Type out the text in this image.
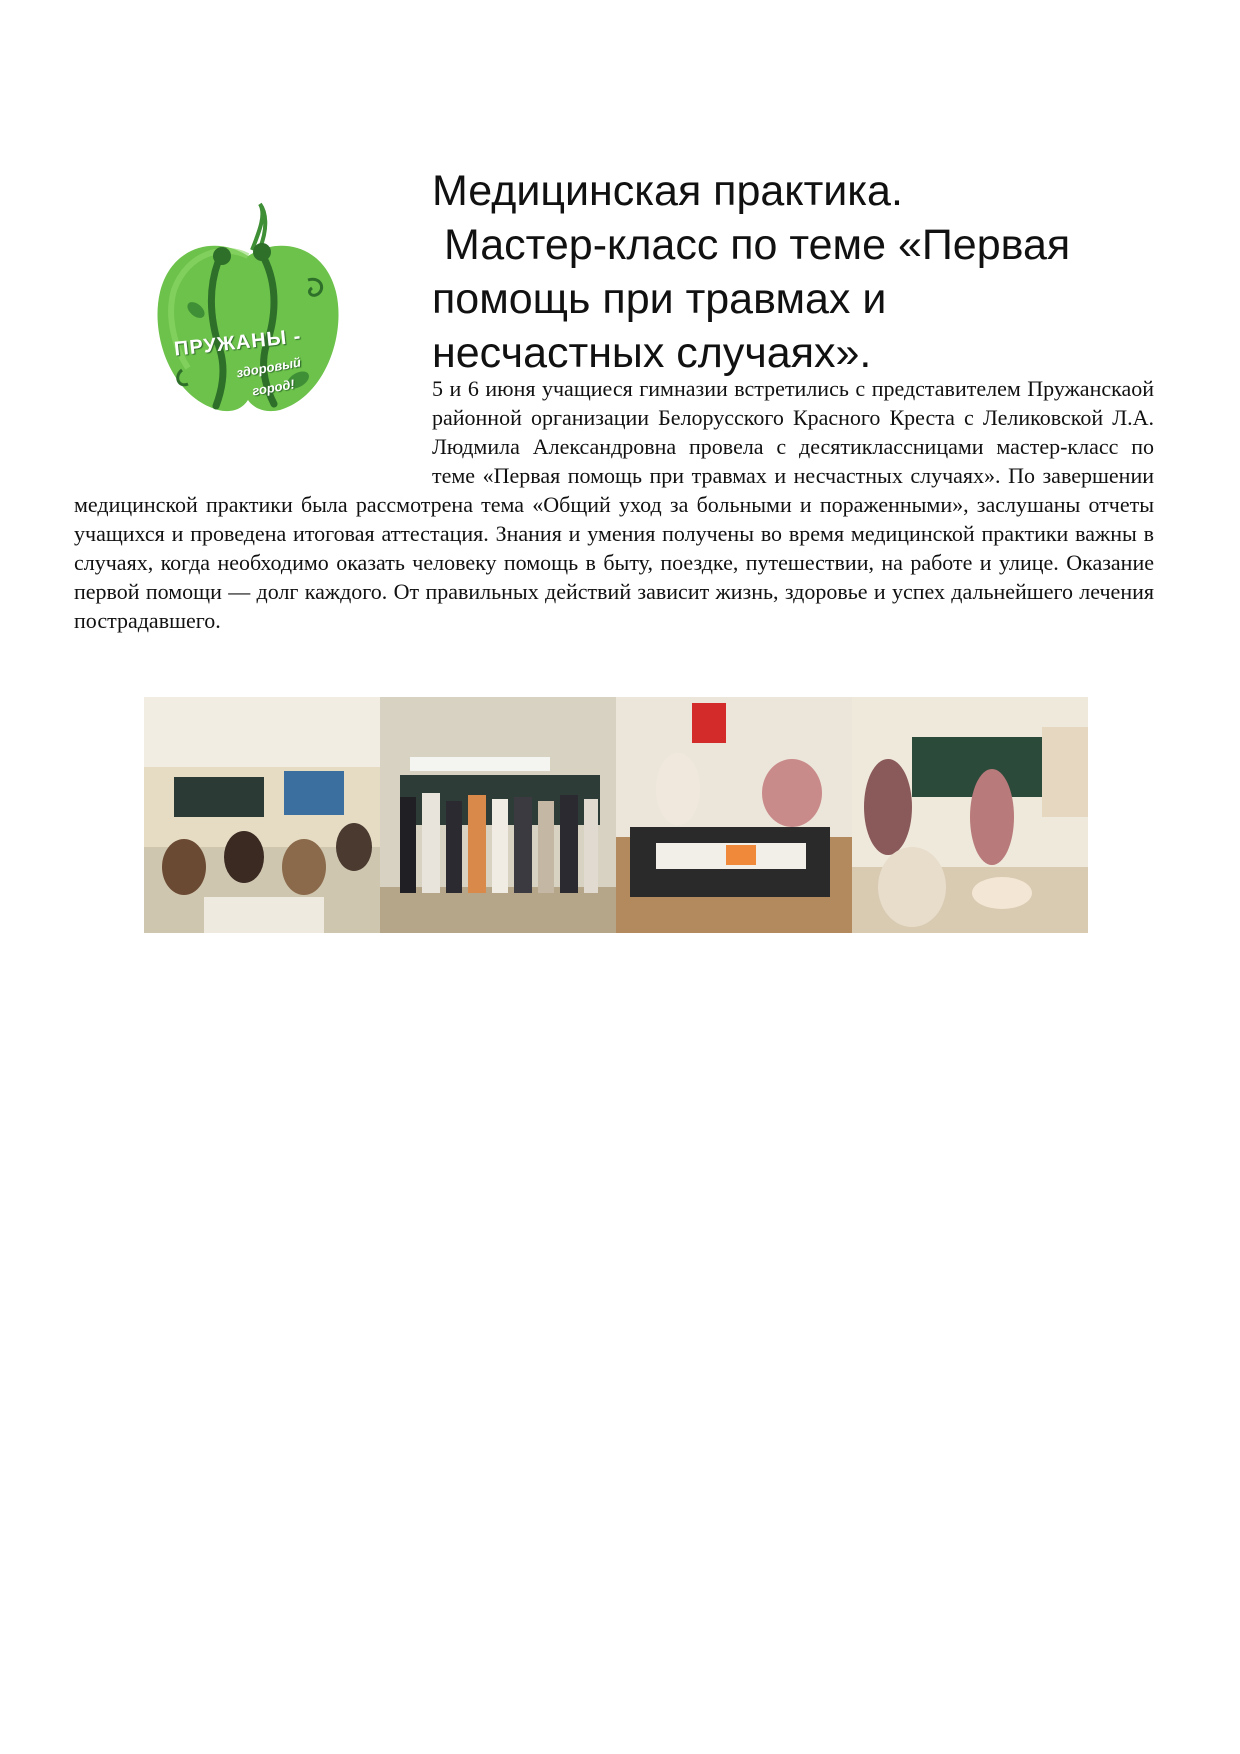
ПРУЖАНЫ -
здоровый
город!
Медицинская практика.
Мастер-класс по теме «Первая
помощь при травмах и
несчастных случаях».
5 и 6 июня учащиеся гимназии встретились с представителем Пружанскаой районной организации Белорусского Красного Креста с Леликовской Л.А. Людмила Александровна провела с десятиклассницами мастер-класс по теме «Первая помощь при травмах и несчастных случаях». По завершении медицинской практики была рассмотрена тема «Общий уход за больными и пораженными», заслушаны отчеты учащихся и проведена итоговая аттестация. Знания и умения получены во время медицинской практики важны в случаях, когда необходимо оказать человеку помощь в быту, поездке, путешествии, на работе и улице. Оказание первой помощи — долг каждого. От правильных действий зависит жизнь, здоровье и успех дальнейшего лечения пострадавшего.
